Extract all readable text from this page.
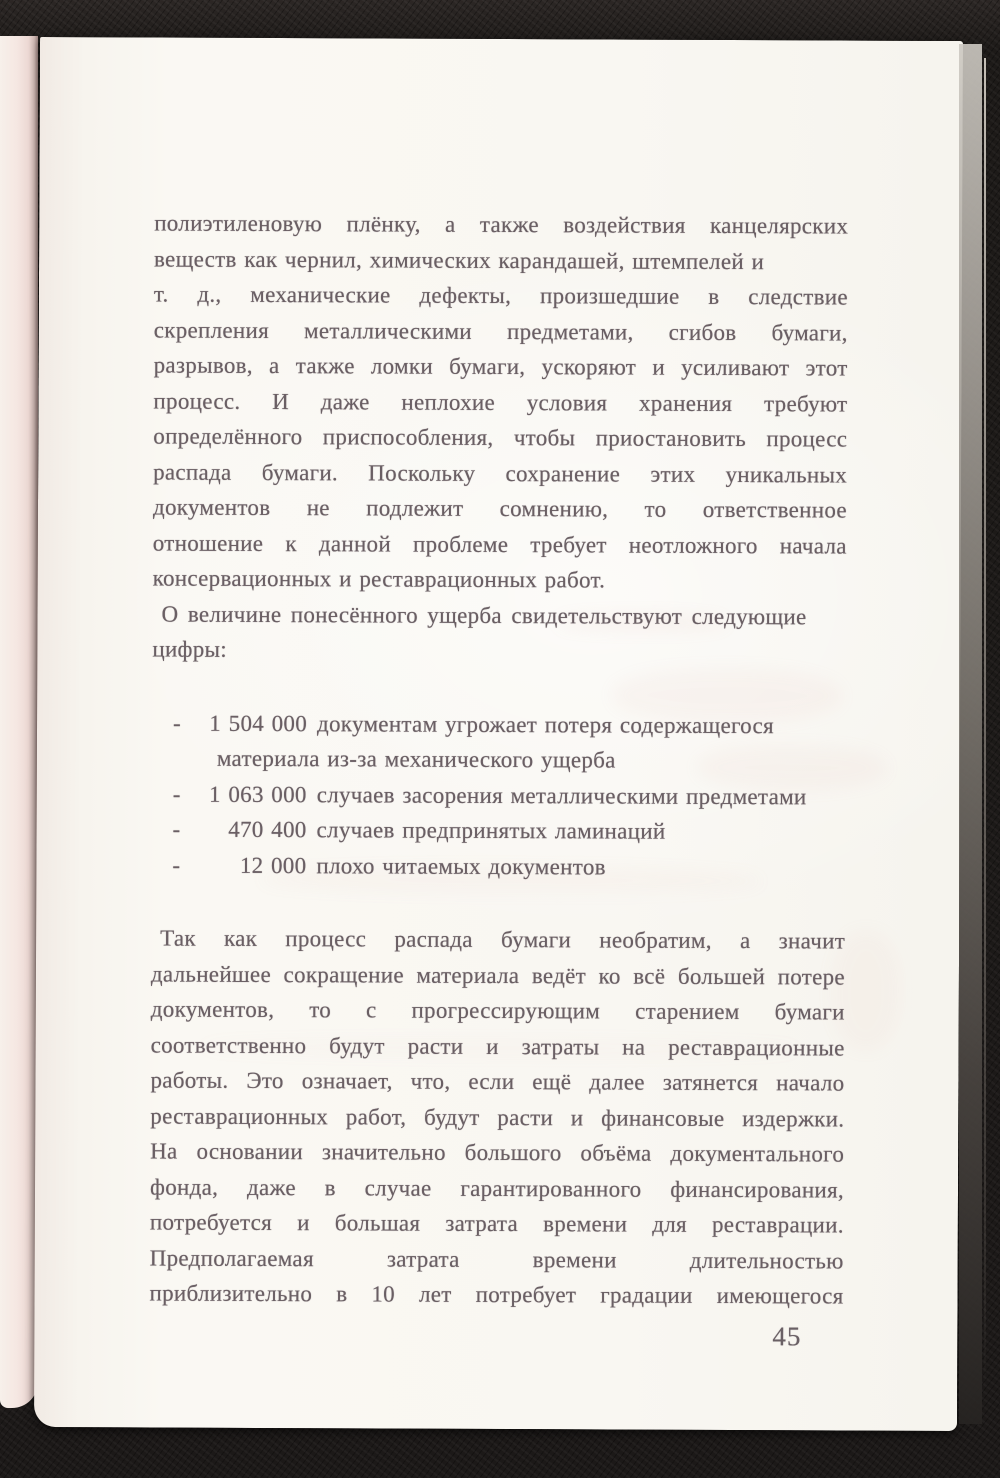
полиэтиленовую плёнку, а также воздействия канцелярских
веществ как чернил, химических карандашей, штемпелей и
т. д., механические дефекты, произшедшие в следствие
скрепления металлическими предметами, сгибов бумаги,
разрывов, а также ломки бумаги, ускоряют и усиливают этот
процесс. И даже неплохие условия хранения требуют
определённого приспособления, чтобы приостановить процесс
распада бумаги. Поскольку сохранение этих уникальных
документов не подлежит сомнению, то ответственное
отношение к данной проблеме требует неотложного начала
консервационных и реставрационных работ.
О величине понесённого ущерба свидетельствуют следующие
цифры:
-	1 504 000 документам угрожает потеря содержащегося
материала из-за механического ущерба
-	1 063 000 случаев засорения металлическими предметами
-	470 400 случаев предпринятых ламинаций
-	12 000 плохо читаемых документов
Так как процесс распада бумаги необратим, а значит
дальнейшее сокращение материала ведёт ко всё большей потере
документов, то с прогрессирующим старением бумаги
соответственно будут расти и затраты на реставрационные
работы. Это означает, что, если ещё далее затянется начало
реставрационных работ, будут расти и финансовые издержки.
На основании значительно большого объёма документального
фонда, даже в случае гарантированного финансирования,
потребуется и большая затрата времени для реставрации.
Предполагаемая затрата времени длительностью
приблизительно в 10 лет потребует градации имеющегося
45
